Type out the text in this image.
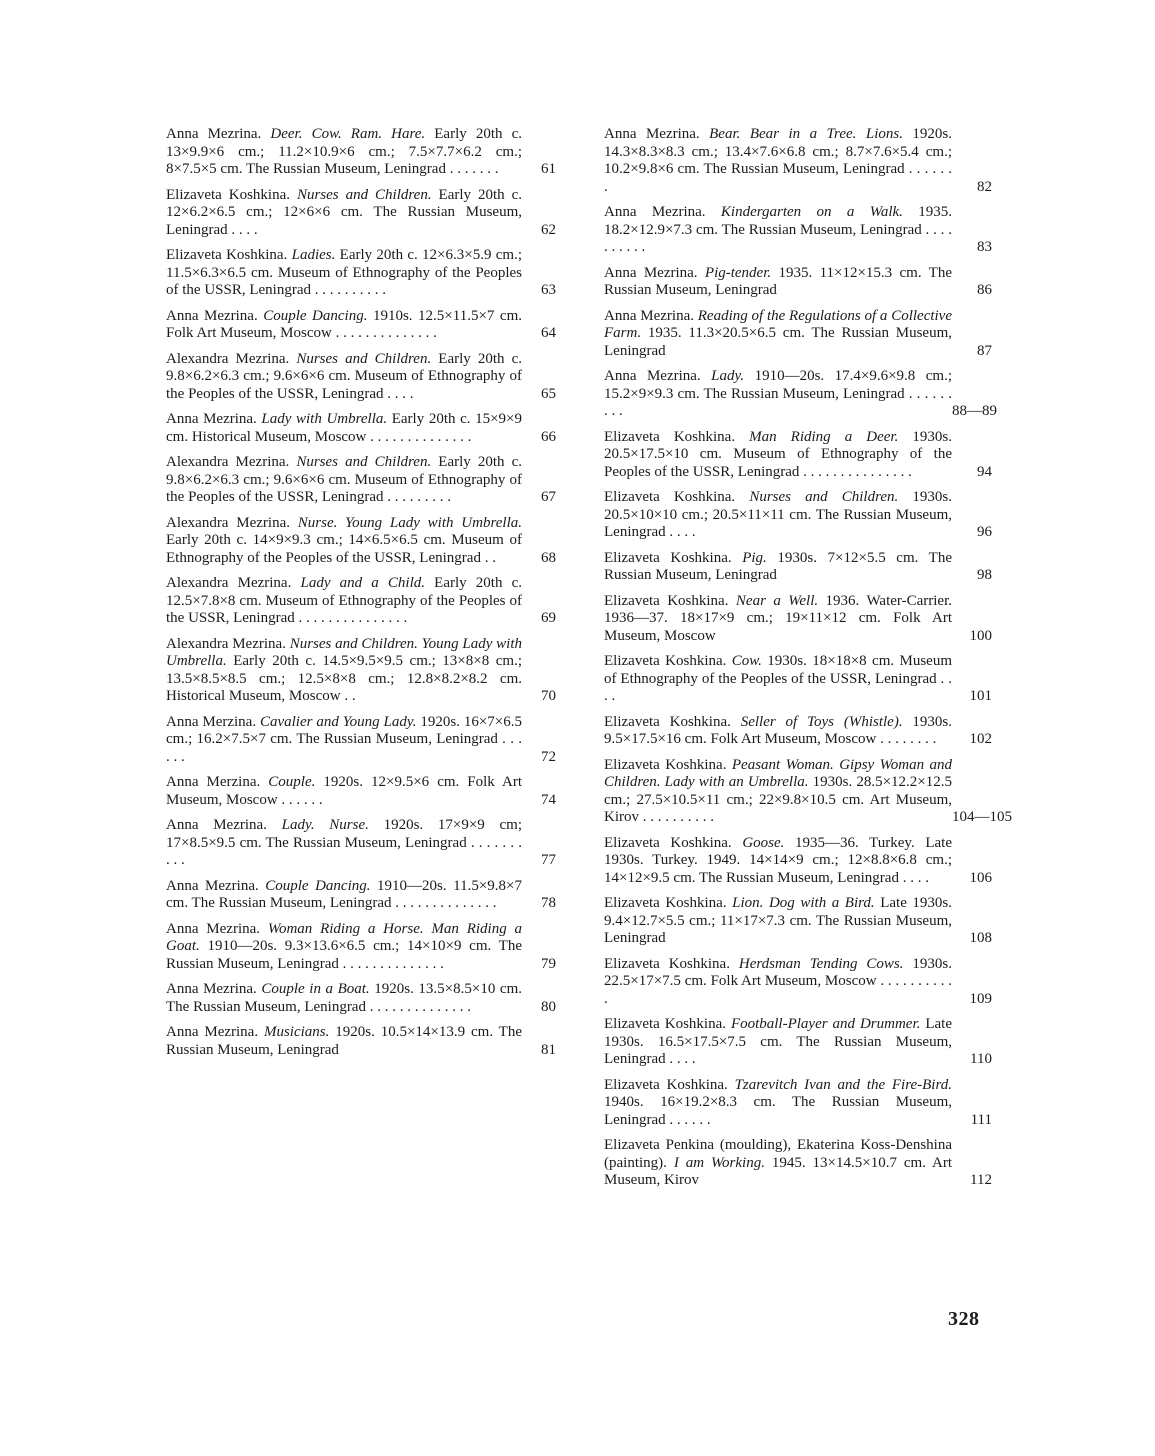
Anna Mezrina. Deer. Cow. Ram. Hare. Early 20th c. 13×9.9×6 cm.; 11.2×10.9×6 cm.; 7.5×7.7×6.2 cm.; 8×7.5×5 cm. The Russian Museum, Leningrad . . . . . . .	61
Elizaveta Koshkina. Nurses and Children. Early 20th c. 12×6.2×6.5 cm.; 12×6×6 cm. The Russian Museum, Leningrad . . . .	62
Elizaveta Koshkina. Ladies. Early 20th c. 12×6.3×5.9 cm.; 11.5×6.3×6.5 cm. Museum of Ethnography of the Peoples of the USSR, Leningrad . . . . . . . . . .	63
Anna Mezrina. Couple Dancing. 1910s. 12.5×11.5×7 cm. Folk Art Museum, Moscow . . . . . . . . . . . . . .	64
Alexandra Mezrina. Nurses and Children. Early 20th c. 9.8×6.2×6.3 cm.; 9.6×6×6 cm. Museum of Ethnography of the Peoples of the USSR, Leningrad . . . .	65
Anna Mezrina. Lady with Umbrella. Early 20th c. 15×9×9 cm. Historical Museum, Moscow . . . . . . . . . . . . . .	66
Alexandra Mezrina. Nurses and Children. Early 20th c. 9.8×6.2×6.3 cm.; 9.6×6×6 cm. Museum of Ethnography of the Peoples of the USSR, Leningrad . . . . . . . . .	67
Alexandra Mezrina. Nurse. Young Lady with Umbrella. Early 20th c. 14×9×9.3 cm.; 14×6.5×6.5 cm. Museum of Ethnography of the Peoples of the USSR, Leningrad . .	68
Alexandra Mezrina. Lady and a Child. Early 20th c. 12.5×7.8×8 cm. Museum of Ethnography of the Peoples of the USSR, Leningrad . . . . . . . . . . . . . . .	69
Alexandra Mezrina. Nurses and Children. Young Lady with Umbrella. Early 20th c. 14.5×9.5×9.5 cm.; 13×8×8 cm.; 13.5×8.5×8.5 cm.; 12.5×8×8 cm.; 12.8×8.2×8.2 cm. Historical Museum, Moscow . .	70
Anna Merzina. Cavalier and Young Lady. 1920s. 16×7×6.5 cm.; 16.2×7.5×7 cm. The Russian Museum, Leningrad . . . . . .	72
Anna Merzina. Couple. 1920s. 12×9.5×6 cm. Folk Art Museum, Moscow . . . . . .	74
Anna Mezrina. Lady. Nurse. 1920s. 17×9×9 cm; 17×8.5×9.5 cm. The Russian Museum, Leningrad . . . . . . . . . .	77
Anna Mezrina. Couple Dancing. 1910—20s. 11.5×9.8×7 cm. The Russian Museum, Leningrad . . . . . . . . . . . . . .	78
Anna Mezrina. Woman Riding a Horse. Man Riding a Goat. 1910—20s. 9.3×13.6×6.5 cm.; 14×10×9 cm. The Russian Museum, Leningrad . . . . . . . . . . . . . .	79
Anna Mezrina. Couple in a Boat. 1920s. 13.5×8.5×10 cm. The Russian Museum, Leningrad . . . . . . . . . . . . . .	80
Anna Mezrina. Musicians. 1920s. 10.5×14×13.9 cm. The Russian Museum, Leningrad	81
Anna Mezrina. Bear. Bear in a Tree. Lions. 1920s. 14.3×8.3×8.3 cm.; 13.4×7.6×6.8 cm.; 8.7×7.6×5.4 cm.; 10.2×9.8×6 cm. The Russian Museum, Leningrad . . . . . . .	82
Anna Mezrina. Kindergarten on a Walk. 1935. 18.2×12.9×7.3 cm. The Russian Museum, Leningrad . . . . . . . . . .	83
Anna Mezrina. Pig-tender. 1935. 11×12×15.3 cm. The Russian Museum, Leningrad	86
Anna Mezrina. Reading of the Regulations of a Collective Farm. 1935. 11.3×20.5×6.5 cm. The Russian Museum, Leningrad	87
Anna Mezrina. Lady. 1910—20s. 17.4×9.6×9.8 cm.; 15.2×9×9.3 cm. The Russian Museum, Leningrad . . . . . . . . .	88—89
Elizaveta Koshkina. Man Riding a Deer. 1930s. 20.5×17.5×10 cm. Museum of Ethnography of the Peoples of the USSR, Leningrad . . . . . . . . . . . . . . .	94
Elizaveta Koshkina. Nurses and Children. 1930s. 20.5×10×10 cm.; 20.5×11×11 cm. The Russian Museum, Leningrad . . . .	96
Elizaveta Koshkina. Pig. 1930s. 7×12×5.5 cm. The Russian Museum, Leningrad	98
Elizaveta Koshkina. Near a Well. 1936. Water-Carrier. 1936—37. 18×17×9 cm.; 19×11×12 cm. Folk Art Museum, Moscow	100
Elizaveta Koshkina. Cow. 1930s. 18×18×8 cm. Museum of Ethnography of the Peoples of the USSR, Leningrad . . . .	101
Elizaveta Koshkina. Seller of Toys (Whistle). 1930s. 9.5×17.5×16 cm. Folk Art Museum, Moscow . . . . . . . .	102
Elizaveta Koshkina. Peasant Woman. Gipsy Woman and Children. Lady with an Umbrella. 1930s. 28.5×12.2×12.5 cm.; 27.5×10.5×11 cm.; 22×9.8×10.5 cm. Art Museum, Kirov . . . . . . . . . .	104—105
Elizaveta Koshkina. Goose. 1935—36. Turkey. Late 1930s. Turkey. 1949. 14×14×9 cm.; 12×8.8×6.8 cm.; 14×12×9.5 cm. The Russian Museum, Leningrad . . . .	106
Elizaveta Koshkina. Lion. Dog with a Bird. Late 1930s. 9.4×12.7×5.5 cm.; 11×17×7.3 cm. The Russian Museum, Leningrad	108
Elizaveta Koshkina. Herdsman Tending Cows. 1930s. 22.5×17×7.5 cm. Folk Art Museum, Moscow . . . . . . . . . . .	109
Elizaveta Koshkina. Football-Player and Drummer. Late 1930s. 16.5×17.5×7.5 cm. The Russian Museum, Leningrad . . . .	110
Elizaveta Koshkina. Tzarevitch Ivan and the Fire-Bird. 1940s. 16×19.2×8.3 cm. The Russian Museum, Leningrad . . . . . .	111
Elizaveta Penkina (moulding), Ekaterina Koss-Denshina (painting). I am Working. 1945. 13×14.5×10.7 cm. Art Museum, Kirov	112
328
